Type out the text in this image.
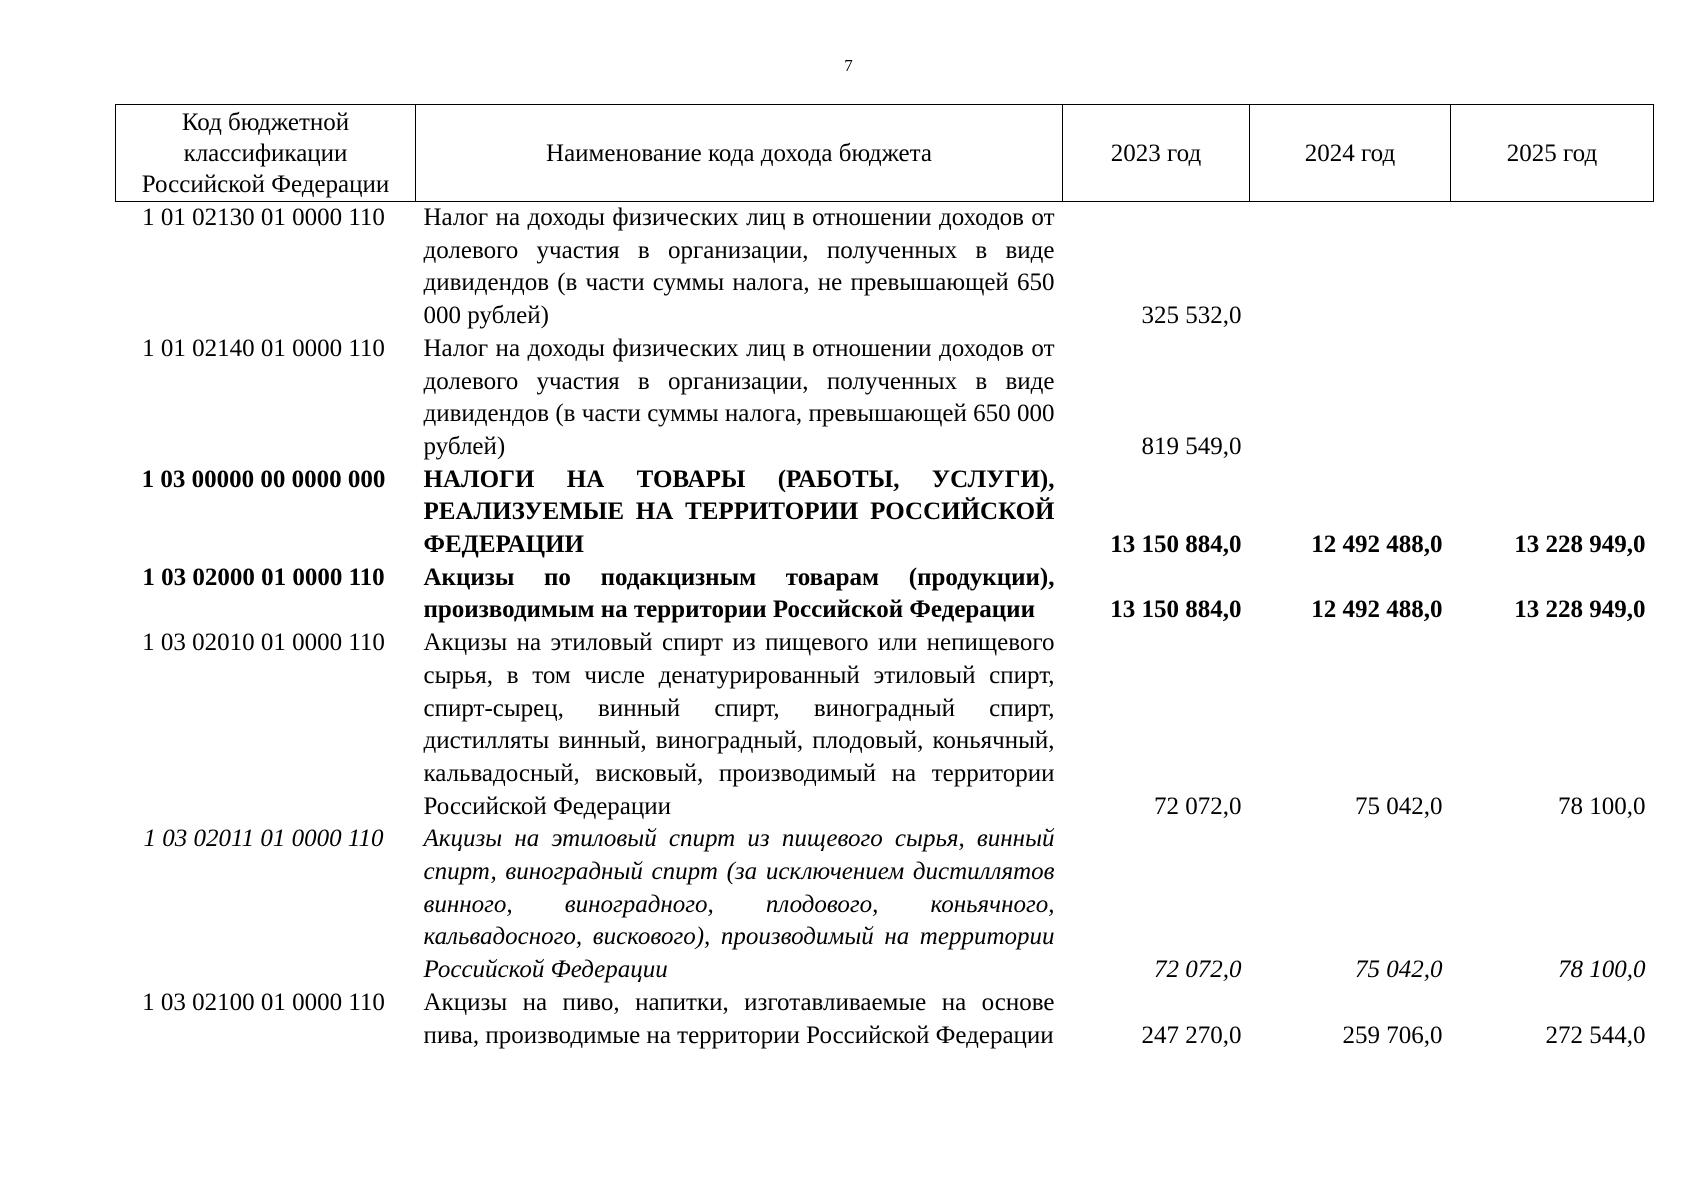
7
Код бюджетной классификации Российской Федерации	Наименование кода дохода бюджета	2023 год	2024 год	2025 год
1 01 02130 01 0000 110	Налог на доходы физических лиц в отношении доходов от долевого участия в организации, полученных в виде дивидендов (в части суммы налога, не превышающей 650 000 рублей)	325 532,0		
1 01 02140 01 0000 110	Налог на доходы физических лиц в отношении доходов от долевого участия в организации, полученных в виде дивидендов (в части суммы налога, превышающей 650 000 рублей)	819 549,0		
1 03 00000 00 0000 000	НАЛОГИ НА ТОВАРЫ (РАБОТЫ, УСЛУГИ), РЕАЛИЗУЕМЫЕ НА ТЕРРИТОРИИ РОССИЙСКОЙ ФЕДЕРАЦИИ	13 150 884,0	12 492 488,0	13 228 949,0
1 03 02000 01 0000 110	Акцизы по подакцизным товарам (продукции), производимым на территории Российской Федерации	13 150 884,0	12 492 488,0	13 228 949,0
1 03 02010 01 0000 110	Акцизы на этиловый спирт из пищевого или непищевого сырья, в том числе денатурированный этиловый спирт, спирт-сырец, винный спирт, виноградный спирт, дистилляты винный, виноградный, плодовый, коньячный, кальвадосный, висковый, производимый на территории Российской Федерации	72 072,0	75 042,0	78 100,0
1 03 02011 01 0000 110	Акцизы на этиловый спирт из пищевого сырья, винный спирт, виноградный спирт (за исключением дистиллятов винного, виноградного, плодового, коньячного, кальвадосного, вискового), производимый на территории Российской Федерации	72 072,0	75 042,0	78 100,0
1 03 02100 01 0000 110	Акцизы на пиво, напитки, изготавливаемые на основе пива, производимые на территории Российской Федерации	247 270,0	259 706,0	272 544,0
